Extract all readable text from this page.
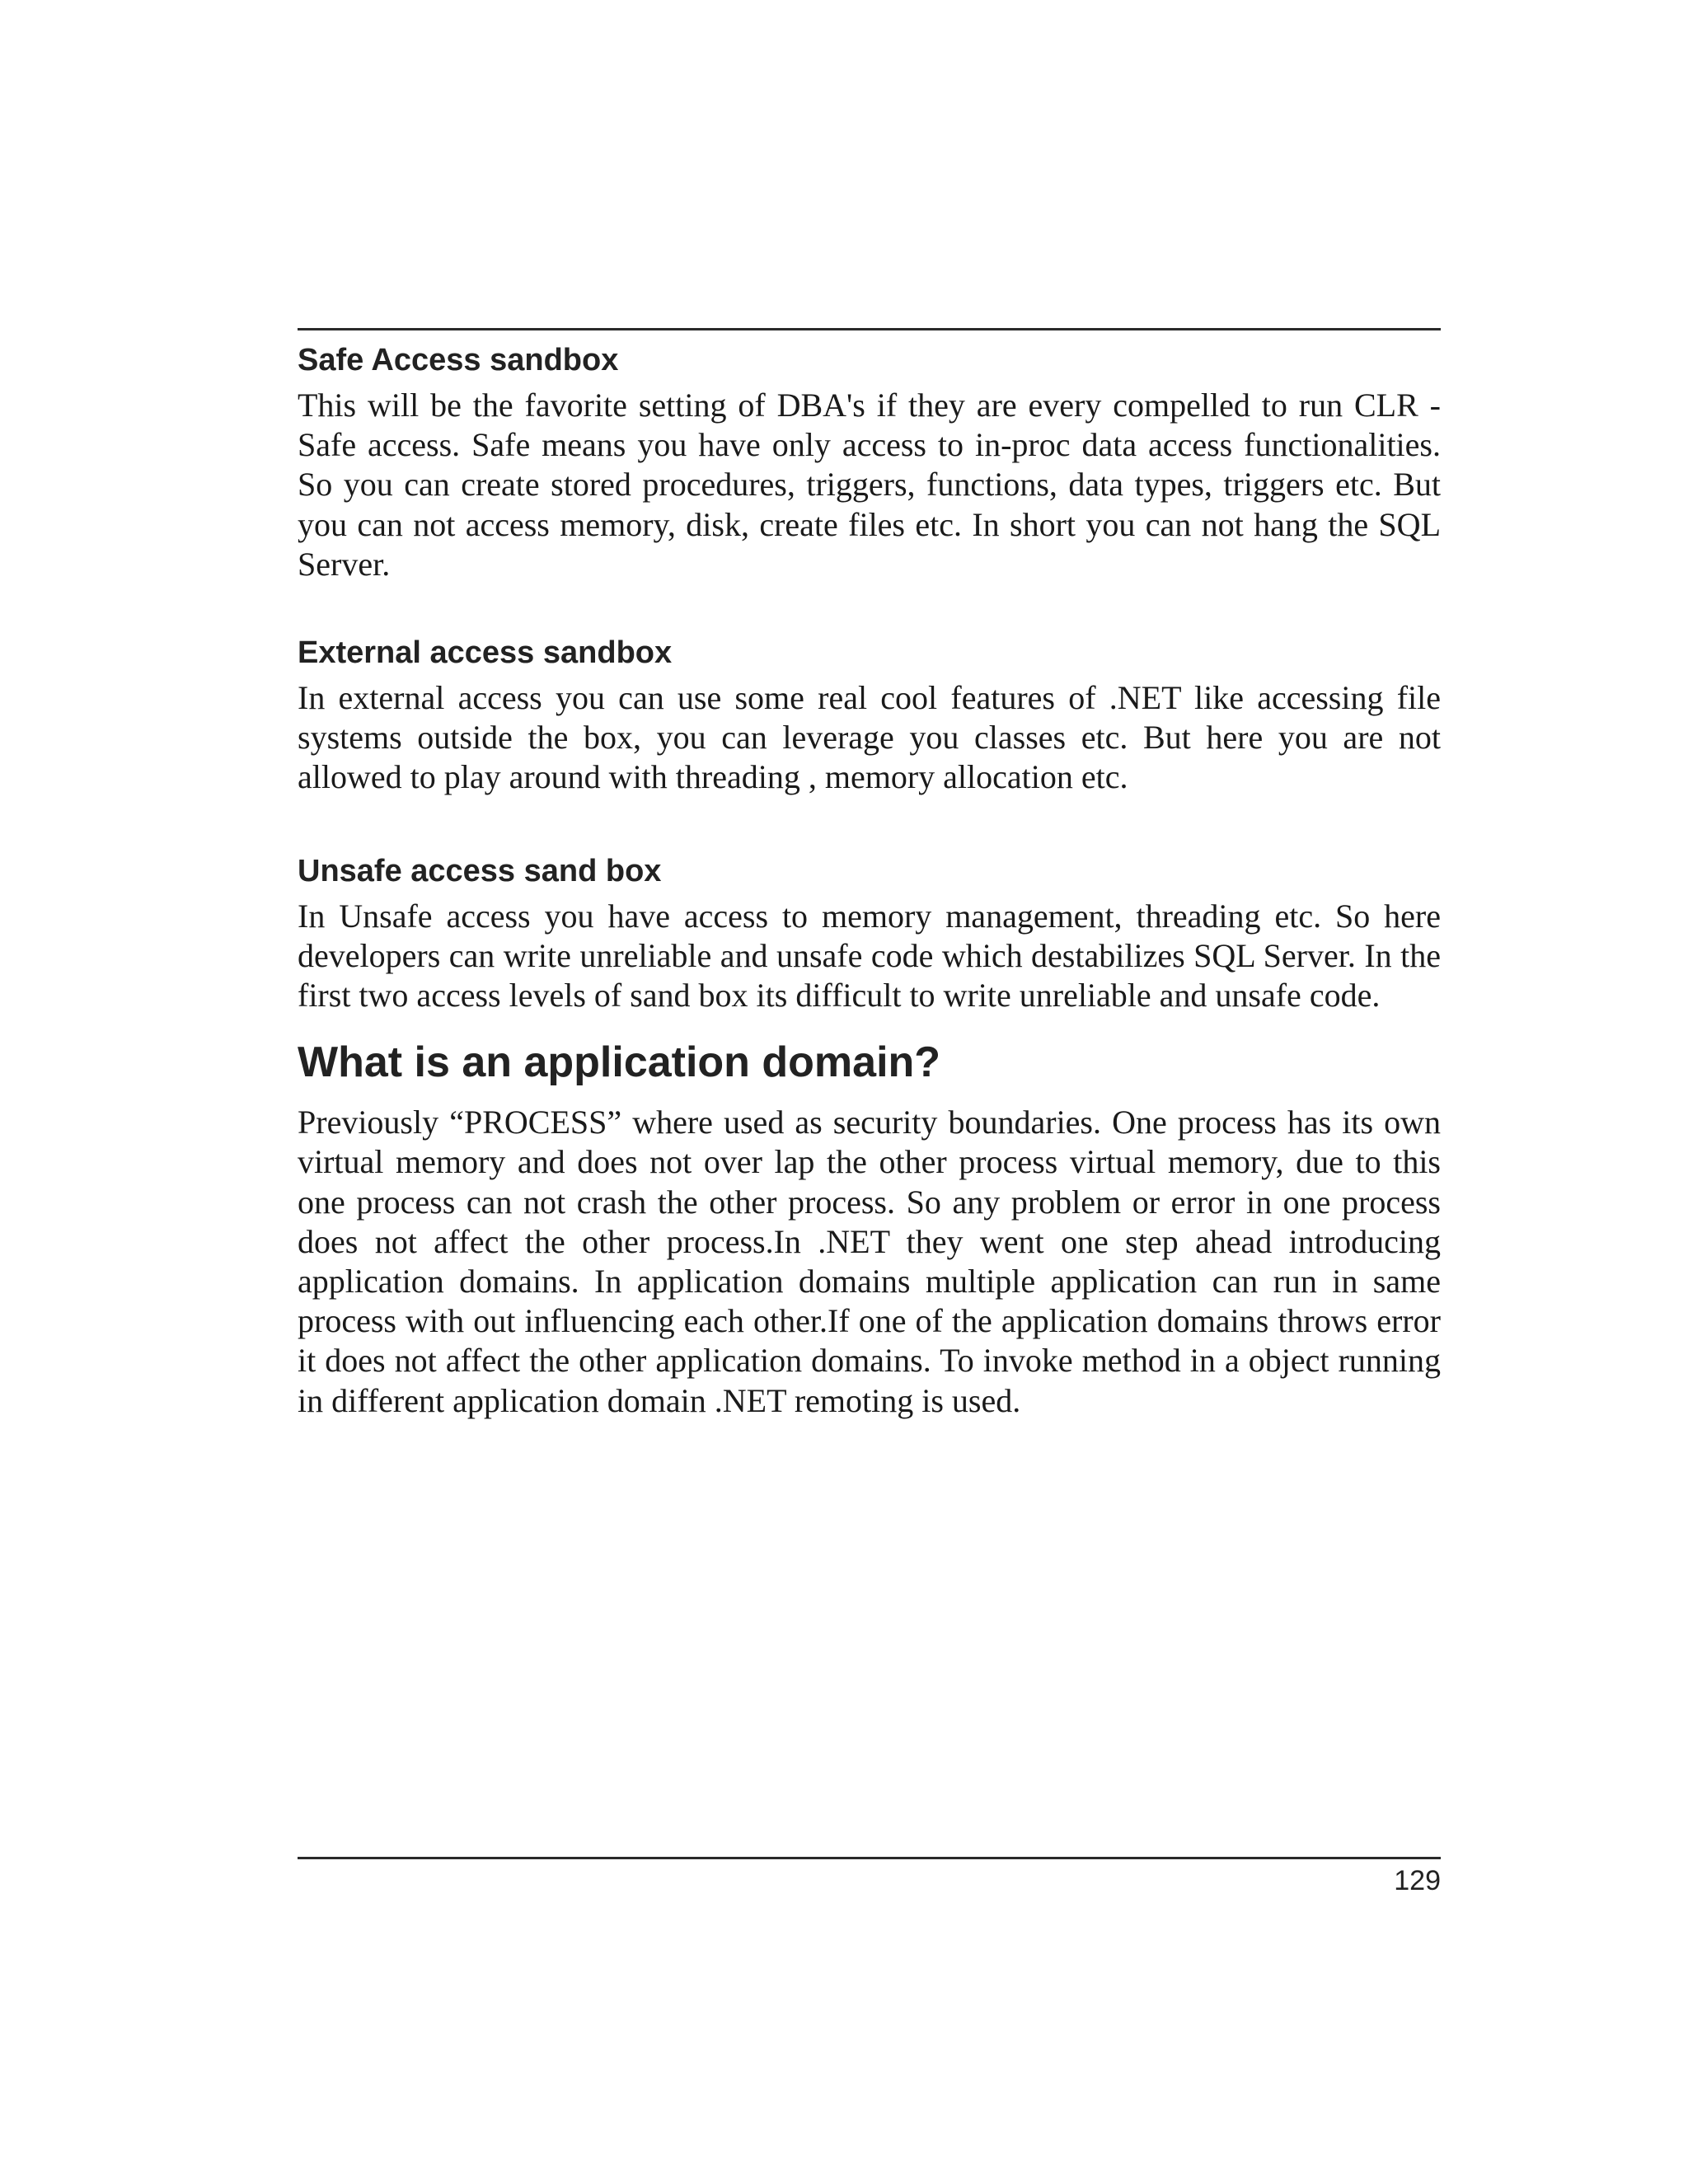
Safe Access sandbox

This will be the favorite setting of DBA's if they are every compelled to run CLR - Safe access. Safe means you have only access to in-proc data access functionalities. So you can create stored procedures, triggers, functions, data types, triggers etc. But you can not access memory, disk, create files etc. In short you can not hang the SQL Server.

External access sandbox

In external access you can use some real cool features of .NET like accessing file systems outside the box, you can leverage you classes etc. But here you are not allowed to play around with threading , memory allocation etc.

Unsafe access sand box

In Unsafe access you have access to memory management, threading etc. So here developers can write unreliable and unsafe code which destabilizes SQL Server. In the first two access levels of sand box its difficult to write unreliable and unsafe code.

What is an application domain?

Previously “PROCESS” where used as security boundaries. One process has its own virtual memory and does not over lap the other process virtual memory, due to this one process can not crash the other process. So any problem or error in one process does not affect the other process.In .NET they went one step ahead introducing application domains. In application domains multiple application can run in same process with out influencing each other.If one of the application domains throws error it does not affect the other application domains. To invoke method in a object running in different application domain .NET remoting is used.

129
